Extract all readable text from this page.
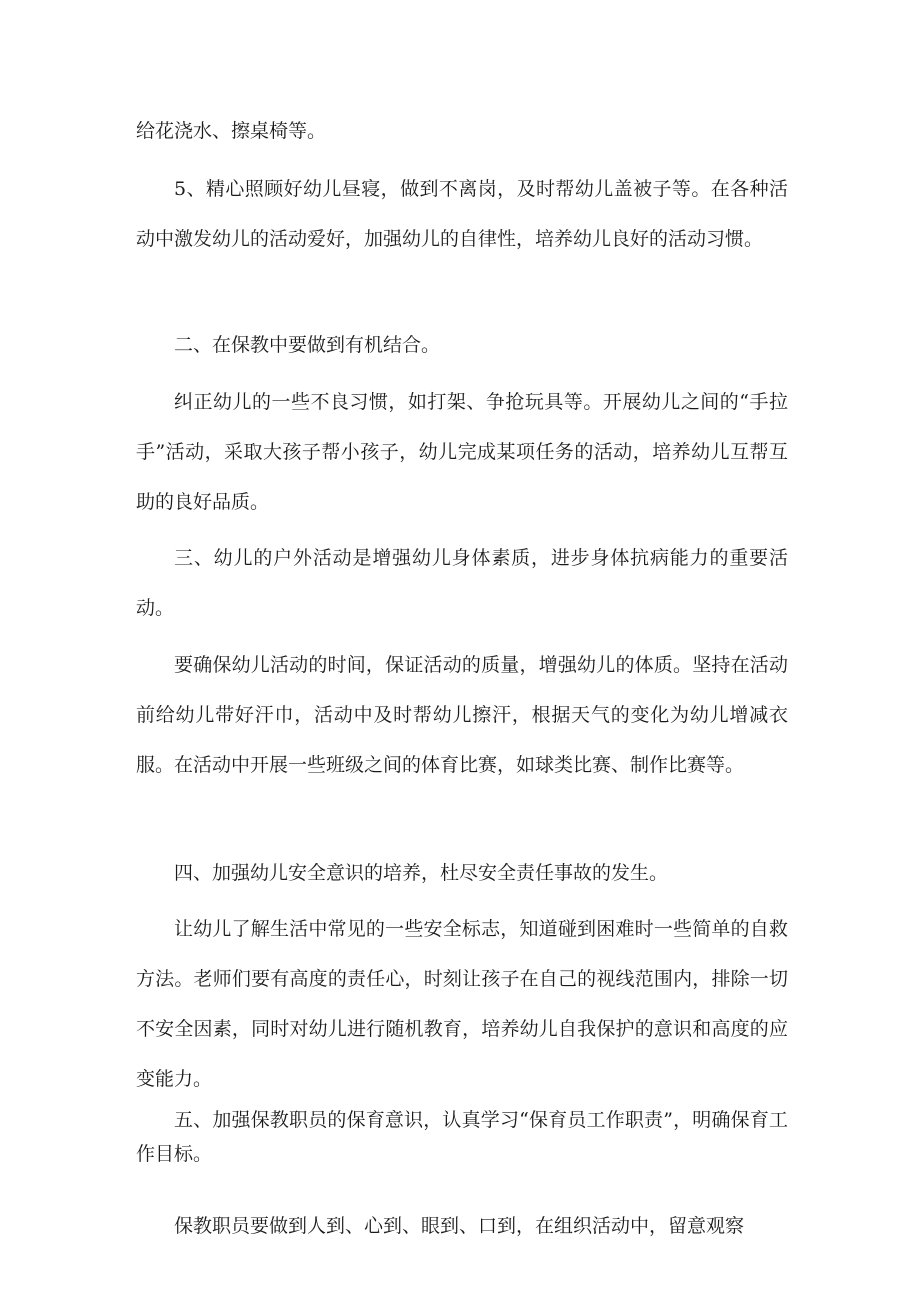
给花浇水、擦桌椅等。

5、精心照顾好幼儿昼寝，做到不离岗，及时帮幼儿盖被子等。在各种活动中激发幼儿的活动爱好，加强幼儿的自律性，培养幼儿良好的活动习惯。

二、在保教中要做到有机结合。

纠正幼儿的一些不良习惯，如打架、争抢玩具等。开展幼儿之间的“手拉手”活动，采取大孩子帮小孩子，幼儿完成某项任务的活动，培养幼儿互帮互助的良好品质。

三、幼儿的户外活动是增强幼儿身体素质，进步身体抗病能力的重要活动。

要确保幼儿活动的时间，保证活动的质量，增强幼儿的体质。坚持在活动前给幼儿带好汗巾，活动中及时帮幼儿擦汗，根据天气的变化为幼儿增减衣服。在活动中开展一些班级之间的体育比赛，如球类比赛、制作比赛等。

四、加强幼儿安全意识的培养，杜尽安全责任事故的发生。

让幼儿了解生活中常见的一些安全标志，知道碰到困难时一些简单的自救方法。老师们要有高度的责任心，时刻让孩子在自己的视线范围内，排除一切不安全因素，同时对幼儿进行随机教育，培养幼儿自我保护的意识和高度的应变能力。

五、加强保教职员的保育意识，认真学习“保育员工作职责”，明确保育工作目标。

保教职员要做到人到、心到、眼到、口到，在组织活动中，留意观察
